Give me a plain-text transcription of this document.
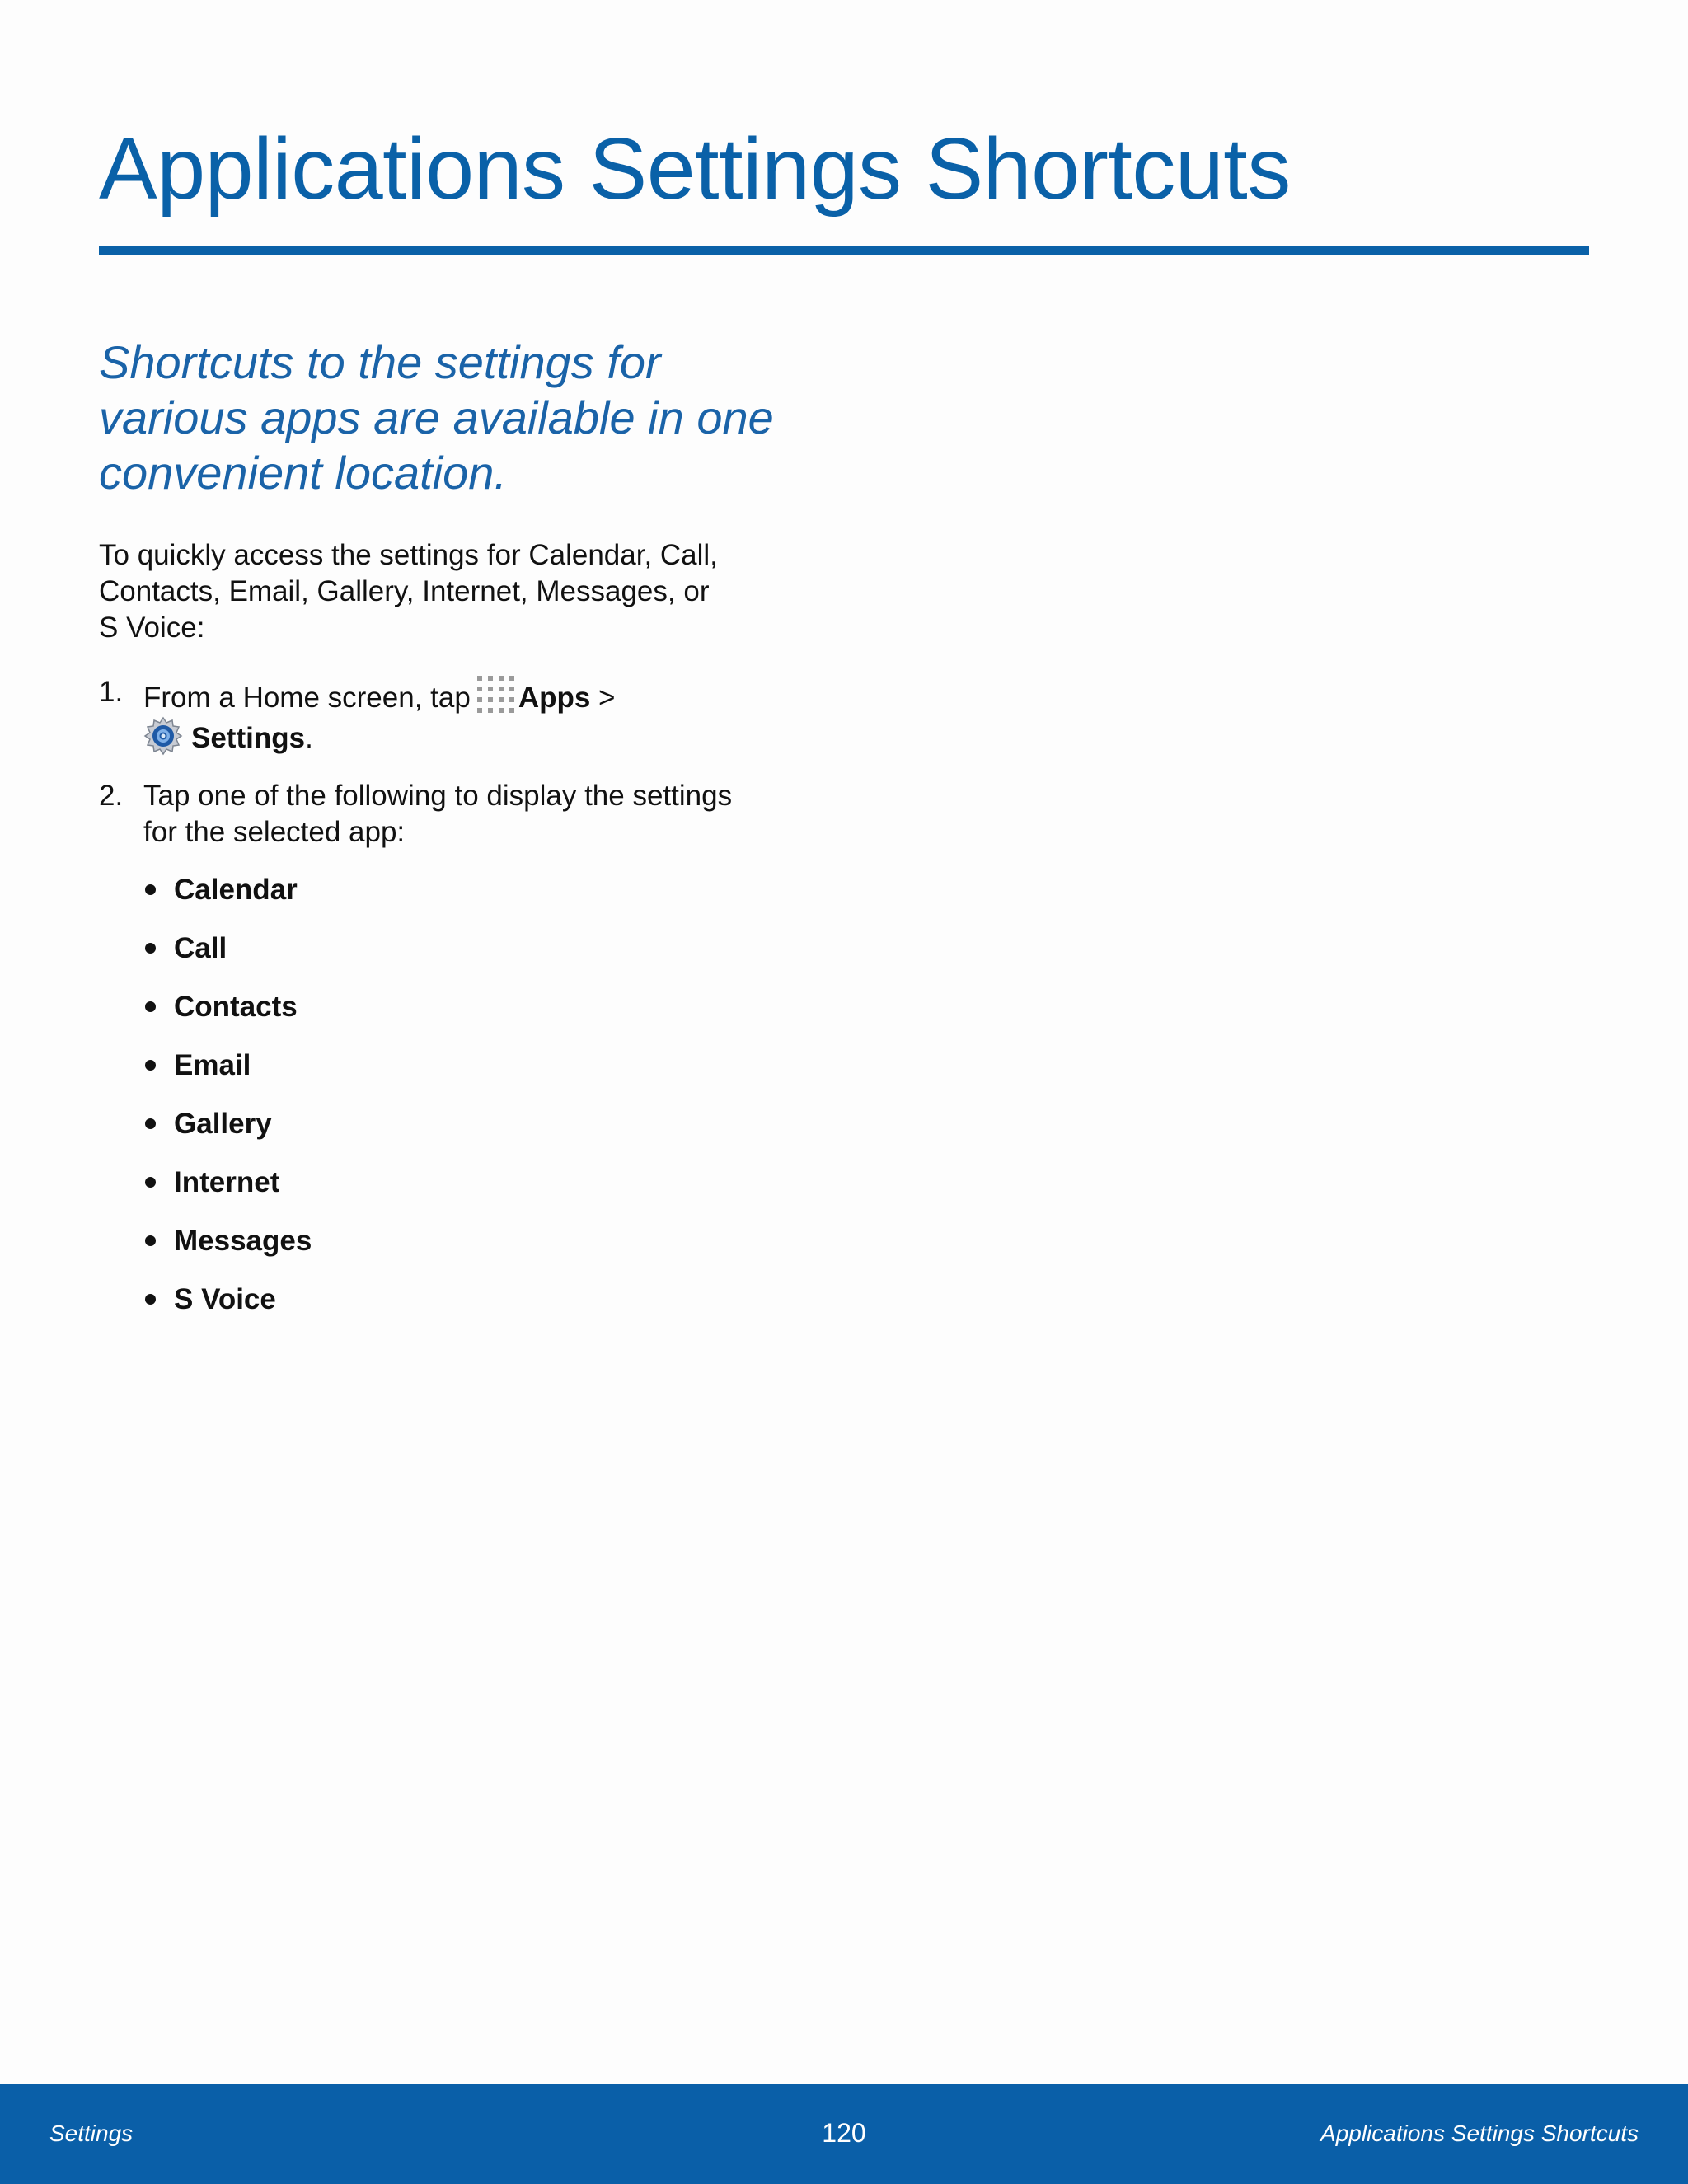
Applications Settings Shortcuts

Shortcuts to the settings for
various apps are available in one
convenient location.

To quickly access the settings for Calendar, Call,
Contacts, Email, Gallery, Internet, Messages, or
S Voice:

1. From a Home screen, tap Apps >
Settings.
2. Tap one of the following to display the settings
for the selected app:
Calendar
Call
Contacts
Email
Gallery
Internet
Messages
S Voice
Settings	120	Applications Settings Shortcuts
